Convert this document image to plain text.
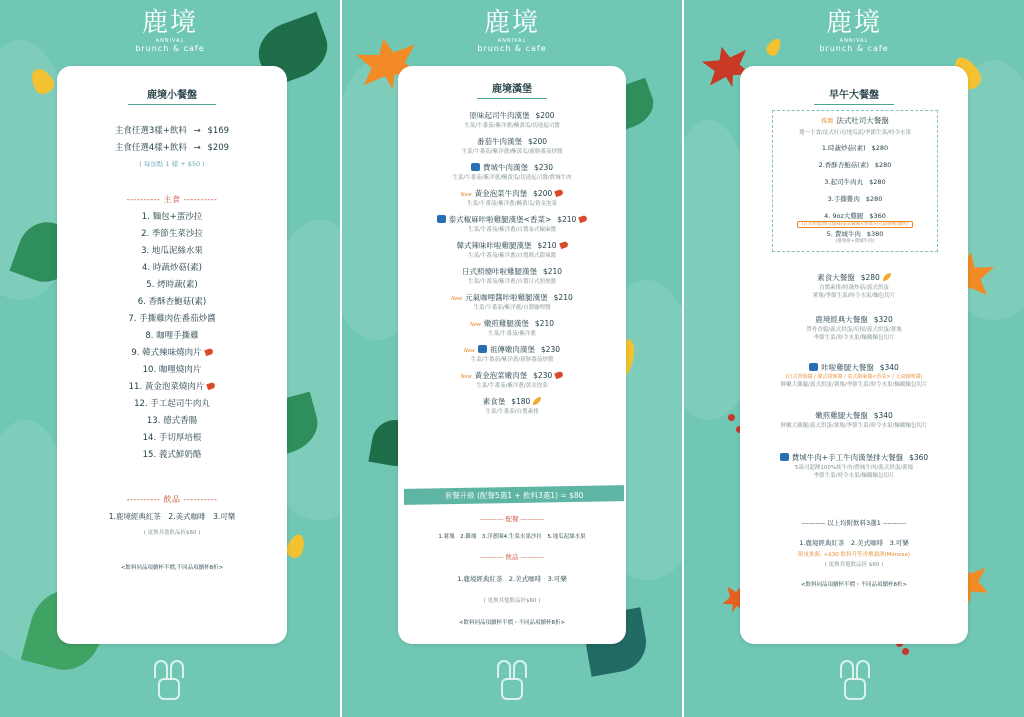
鹿境
ANNIVAL
brunch & cafe
鹿境小餐盤
主食任選3樣+飲料 → $169
主食任選4樣+飲料 → $209
( 每加點 1 樣 + $50 )
---------- 主食 ----------
1. 麵包+蛋沙拉
2. 季節生菜沙拉
3. 地瓜泥絲水果
4. 時蔬炒菇(素)
5. 烤時蔬(素)
6. 香酥杏鮑菇(素)
7. 手撕雞肉佐番茄炒醬
8. 咖哩手撕雞
9. 韓式辣味燒肉片
10. 咖哩燒肉片
11. 黃金泡菜燒肉片
12. 手工起司牛肉丸
13. 德式香腸
14. 手切厚培根
15. 義式鮮奶酪
---------- 飲品 ----------
1.鹿境經典紅茶　2.美式咖啡　3.可樂
( 更換其他飲品折$60 )
<飲料同品項續杯半價,不同品項續杯8折>
鹿境
ANNIVAL
brunch & cafe
鹿境漢堡
原味起司牛肉漢堡 $200
生菜/牛番茄/紫洋蔥/醃黃瓜/切達起司醬
番茄牛肉漢堡 $200
生菜/牛番茄/紫洋蔥/醃黃瓜/新鮮番茄炒醬
費城牛肉漢堡 $230
生菜/牛番茄/紫洋蔥/醃黃瓜/切達起司醬/費城牛肉
New 黃金泡菜牛肉堡 $200
生菜/牛番茄/紫洋蔥/醃黃瓜/黃金泡菜
泰式椒麻咔啦雞腿漢堡<香菜> $210
生菜/牛番茄/紫洋蔥/自製泰式椒麻醬
韓式辣味咔啦雞腿漢堡 $210
生菜/牛番茄/紫洋蔥/自製韓式甜辣醬
日式照燒咔啦雞腿漢堡 $210
生菜/牛番茄/紫洋蔥/自製日式照燒醬
New 元氣咖哩醬咔啦雞腿漢堡 $210
生菜/牛番茄/紫洋蔥/自製咖哩醬
New 嫩煎雞腿漢堡 $210
生菜/牛番茄/紫洋蔥
New 祖傳嫩肉漢堡 $230
生菜/牛番茄/紫洋蔥/新鮮番茄炒醬
New 黃金泡菜嫩肉堡 $230
生菜/牛番茄/紫洋蔥/黃金泡菜
素食堡 $180
生菜/牛番茄/自製素排
---------- 配餐 ----------
1.薯塊　2.雞塊　3.洋蔥圈4.生菜水果沙拉　5.地瓜泥絲水果
---------- 飲品 ----------
1.鹿境經典紅茶　2.美式咖啡　3.可樂
( 更換其他飲品折$60 )
<飲料同品項續杯半價・不同品項續杯8折>
套餐升級 (配餐5選1 + 飲料3選1) = $80
鹿境
ANNIVAL
brunch & cafe
早午大餐盤
推薦 法式吐司大餐盤
選一主食/法式吐司/地瓜泥/季節生菜/時令水果
1.時蔬炒菇(素) $280
2.香酥杏鮑菇(素) $280
3.起司牛肉丸 $280
3.手撕雞肉 $280
4. 9oz大雞腿 $360
(日式照燒/韓式甜辣/泰式椒麻<香菜>/元氣咖哩/鹽烤)
5. 費城牛肉 $380
(漢堡排+費城牛肉)
素食大餐盤 $280
自製素排/時蔬炒菇/義式烘蛋
薯塊/季節生菜/時令水果/麵包切片
鹿境經典大餐盤 $320
帶骨香腸/義式烘蛋/培根/義式烘蛋/薯塊
季節生菜/時令水果/麵糊麵包切片
咔啦雞腿大餐盤 $340
(日式照燒醬 / 韓式甜辣醬 / 泰式椒麻醬<香菜> / 元氣咖哩醬)
鮮嫩大雞腿/義式烘蛋/薯塊/季節生菜/時令水果/麵糊麵包切片
嫩煎雞腿大餐盤 $340
鮮嫩大雞腿/義式烘蛋/薯塊/季節生菜/時令水果/麵糊麵包切片
費城牛肉+手工牛肉漢堡排大餐盤 $360
5盎司超澳100%純牛肉/費城牛肉/義式烘蛋/薯塊
季節生菜/時令水果/麵糊麵包切片
---------- 以上均附飲料3選1 ----------
1.鹿境經典紅茶　2.美式咖啡　3.可樂
限量推薦: +$30 飲料升等香檳調酒(Mimosa)
( 更換其他飲品折 $60 )
<飲料同品項續杯半價・不同品項續杯8折>
